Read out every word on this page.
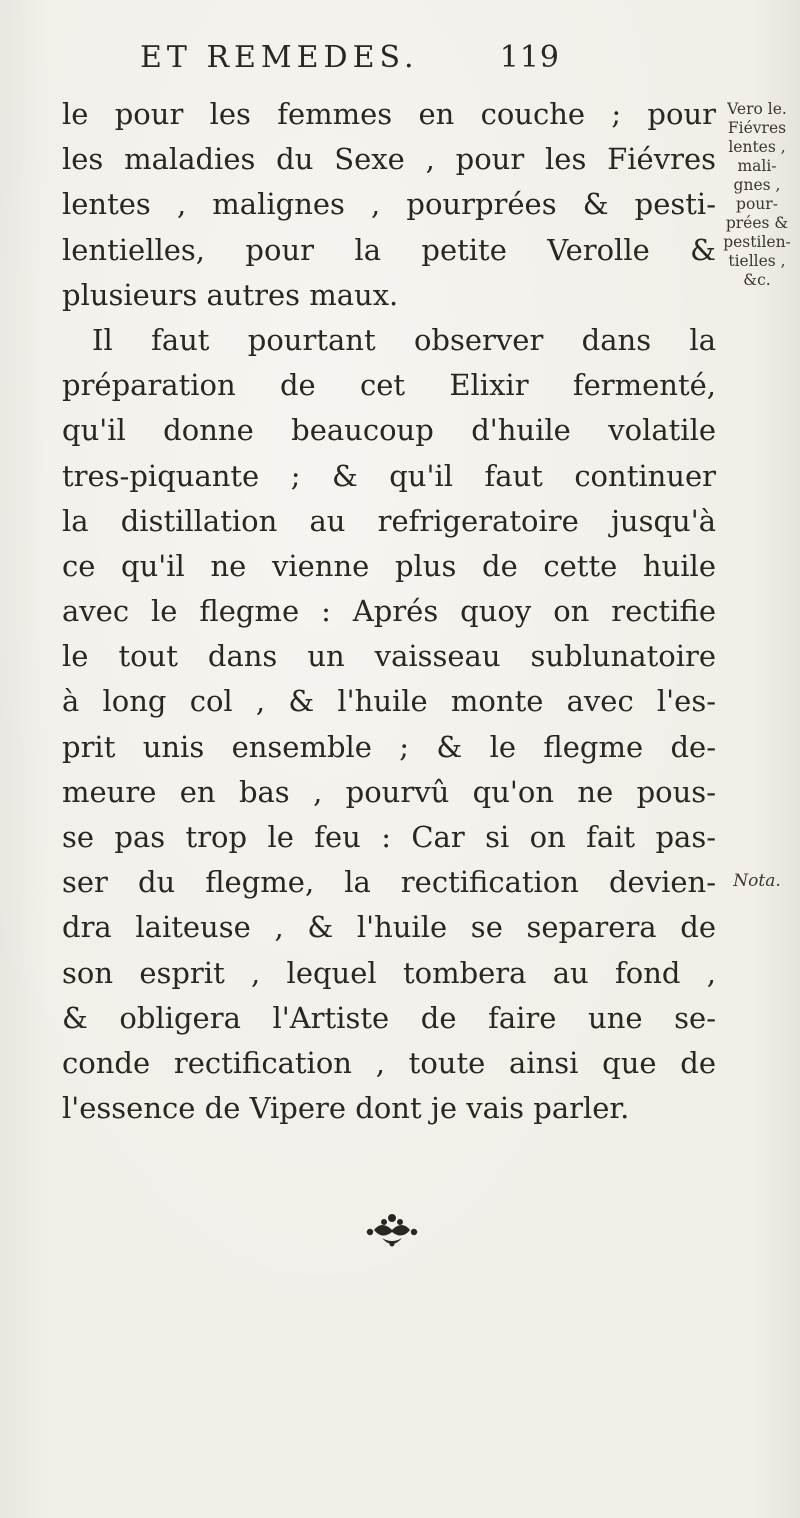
ET REMEDES.	119
le pour les femmes en couche ; pour
les maladies du Sexe , pour les Fiévres
lentes , malignes , pourprées & pesti-
lentielles, pour la petite Verolle &
plusieurs autres maux.
Il faut pourtant observer dans la
préparation de cet Elixir fermenté,
qu'il donne beaucoup d'huile volatile
tres-piquante ; & qu'il faut continuer
la distillation au refrigeratoire jusqu'à
ce qu'il ne vienne plus de cette huile
avec le flegme : Aprés quoy on rectifie
le tout dans un vaisseau sublunatoire
à long col , & l'huile monte avec l'es-
prit unis ensemble ; & le flegme de-
meure en bas , pourvû qu'on ne pous-
se pas trop le feu : Car si on fait pas-
ser du flegme, la rectification devien-
dra laiteuse , & l'huile se separera de
son esprit , lequel tombera au fond ,
& obligera l'Artiste de faire une se-
conde rectification , toute ainsi que de
l'essence de Vipere dont je vais parler.
Vero le.
Fiévres
lentes ,
mali-
gnes ,
pour-
prées &
pestilen-
tielles ,
&c.
Nota.
